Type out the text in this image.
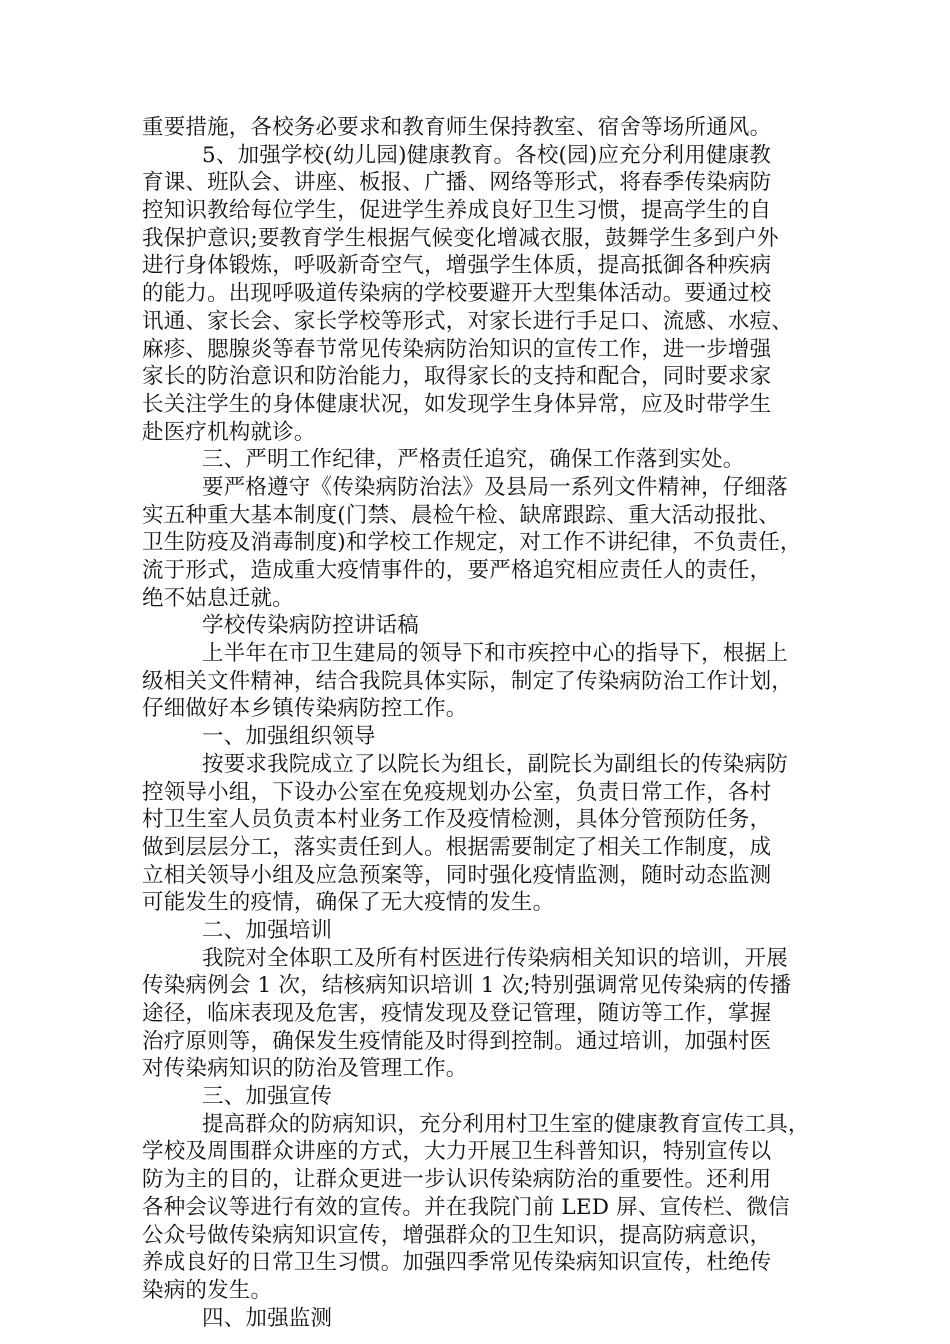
重要措施，各校务必要求和教育师生保持教室、宿舍等场所通风。
5、加强学校(幼儿园)健康教育。各校(园)应充分利用健康教
育课、班队会、讲座、板报、广播、网络等形式，将春季传染病防
控知识教给每位学生，促进学生养成良好卫生习惯，提高学生的自
我保护意识;要教育学生根据气候变化增减衣服，鼓舞学生多到户外
进行身体锻炼，呼吸新奇空气，增强学生体质，提高抵御各种疾病
的能力。出现呼吸道传染病的学校要避开大型集体活动。要通过校
讯通、家长会、家长学校等形式，对家长进行手足口、流感、水痘、
麻疹、腮腺炎等春节常见传染病防治知识的宣传工作，进一步增强
家长的防治意识和防治能力，取得家长的支持和配合，同时要求家
长关注学生的身体健康状况，如发现学生身体异常，应及时带学生
赴医疗机构就诊。
三、严明工作纪律，严格责任追究，确保工作落到实处。
要严格遵守《传染病防治法》及县局一系列文件精神，仔细落
实五种重大基本制度(门禁、晨检午检、缺席跟踪、重大活动报批、
卫生防疫及消毒制度)和学校工作规定，对工作不讲纪律，不负责任，
流于形式，造成重大疫情事件的，要严格追究相应责任人的责任，
绝不姑息迁就。
学校传染病防控讲话稿
上半年在市卫生建局的领导下和市疾控中心的指导下，根据上
级相关文件精神，结合我院具体实际，制定了传染病防治工作计划，
仔细做好本乡镇传染病防控工作。
一、加强组织领导
按要求我院成立了以院长为组长，副院长为副组长的传染病防
控领导小组，下设办公室在免疫规划办公室，负责日常工作，各村
村卫生室人员负责本村业务工作及疫情检测，具体分管预防任务，
做到层层分工，落实责任到人。根据需要制定了相关工作制度，成
立相关领导小组及应急预案等，同时强化疫情监测，随时动态监测
可能发生的疫情，确保了无大疫情的发生。
二、加强培训
我院对全体职工及所有村医进行传染病相关知识的培训，开展
传染病例会 1 次，结核病知识培训 1 次;特别强调常见传染病的传播
途径，临床表现及危害，疫情发现及登记管理，随访等工作，掌握
治疗原则等，确保发生疫情能及时得到控制。通过培训，加强村医
对传染病知识的防治及管理工作。
三、加强宣传
提高群众的防病知识，充分利用村卫生室的健康教育宣传工具，
学校及周围群众讲座的方式，大力开展卫生科普知识，特别宣传以
防为主的目的，让群众更进一步认识传染病防治的重要性。还利用
各种会议等进行有效的宣传。并在我院门前 LED 屏、宣传栏、微信
公众号做传染病知识宣传，增强群众的卫生知识，提高防病意识，
养成良好的日常卫生习惯。加强四季常见传染病知识宣传，杜绝传
染病的发生。
四、加强监测
